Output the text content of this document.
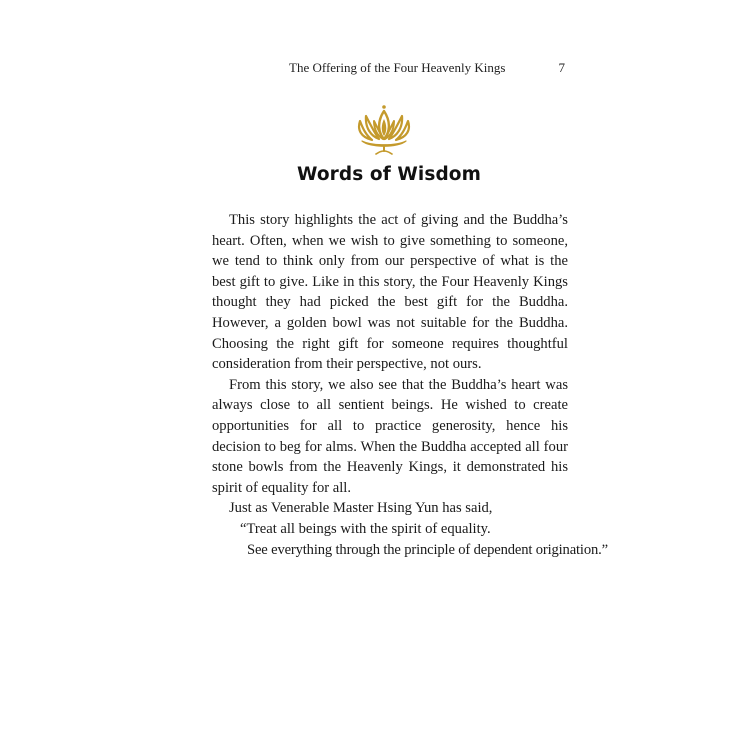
The Offering of the Four Heavenly Kings	7
Words of Wisdom

This story highlights the act of giving and the Buddha’s heart. Often, when we wish to give something to someone, we tend to think only from our perspective of what is the best gift to give. Like in this story, the Four Heavenly Kings thought they had picked the best gift for the Buddha. However, a golden bowl was not suitable for the Buddha. Choosing the right gift for someone requires thoughtful consideration from their perspective, not ours.

From this story, we also see that the Buddha’s heart was always close to all sentient beings. He wished to create opportunities for all to practice generosity, hence his decision to beg for alms. When the Buddha accepted all four stone bowls from the Heavenly Kings, it demonstrated his spirit of equality for all.

Just as Venerable Master Hsing Yun has said,

“Treat all beings with the spirit of equality.

See everything through the principle of dependent origination.”
